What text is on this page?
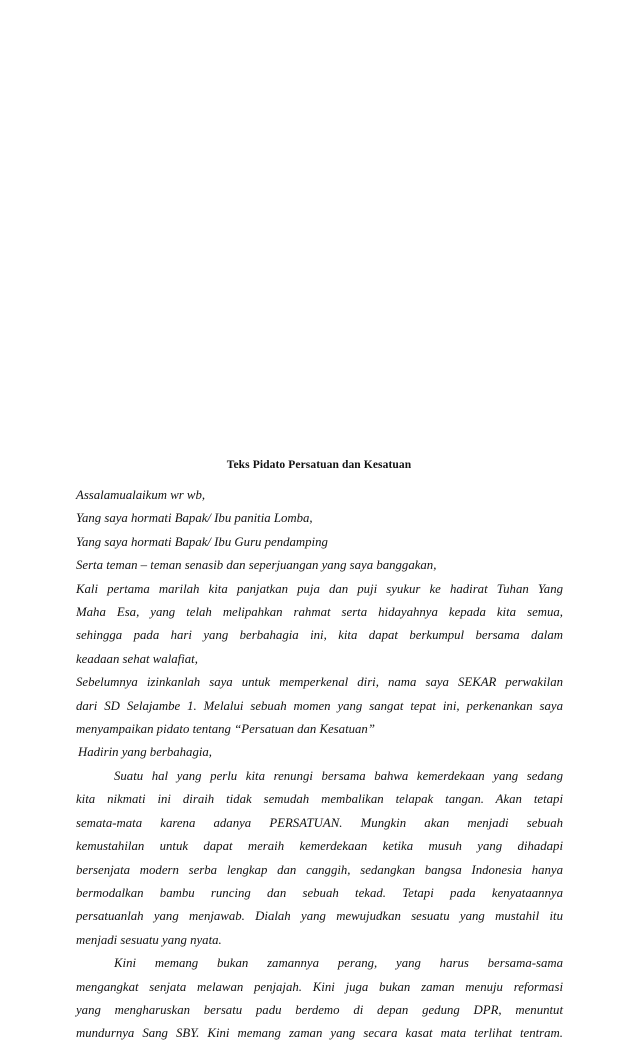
Teks Pidato Persatuan dan Kesatuan
Assalamualaikum wr wb,
Yang saya hormati Bapak/ Ibu panitia Lomba,
Yang saya hormati Bapak/ Ibu Guru pendamping
Serta teman – teman senasib dan seperjuangan yang saya banggakan,
Kali pertama marilah kita panjatkan puja dan puji syukur ke hadirat Tuhan Yang
Maha Esa, yang telah melipahkan rahmat serta hidayahnya kepada kita semua,
sehingga pada hari yang berbahagia ini, kita dapat berkumpul bersama dalam
keadaan sehat walafiat,
Sebelumnya izinkanlah saya untuk memperkenal diri, nama saya SEKAR perwakilan
dari SD Selajambe 1. Melalui sebuah momen yang sangat tepat ini, perkenankan saya
menyampaikan pidato tentang “Persatuan dan Kesatuan”
Hadirin yang berbahagia,
Suatu hal yang perlu kita renungi bersama bahwa kemerdekaan yang sedang
kita nikmati ini diraih tidak semudah membalikan telapak tangan. Akan tetapi
semata-mata karena adanya PERSATUAN. Mungkin akan menjadi sebuah
kemustahilan untuk dapat meraih kemerdekaan ketika musuh yang dihadapi
bersenjata modern serba lengkap dan canggih, sedangkan bangsa Indonesia hanya
bermodalkan bambu runcing dan sebuah tekad. Tetapi pada kenyataannya
persatuanlah yang menjawab. Dialah yang mewujudkan sesuatu yang mustahil itu
menjadi sesuatu yang nyata.
Kini memang bukan zamannya perang, yang harus bersama-sama
mengangkat senjata melawan penjajah. Kini juga bukan zaman menuju reformasi
yang mengharuskan bersatu padu berdemo di depan gedung DPR, menuntut
mundurnya Sang SBY. Kini memang zaman yang secara kasat mata terlihat tentram.
